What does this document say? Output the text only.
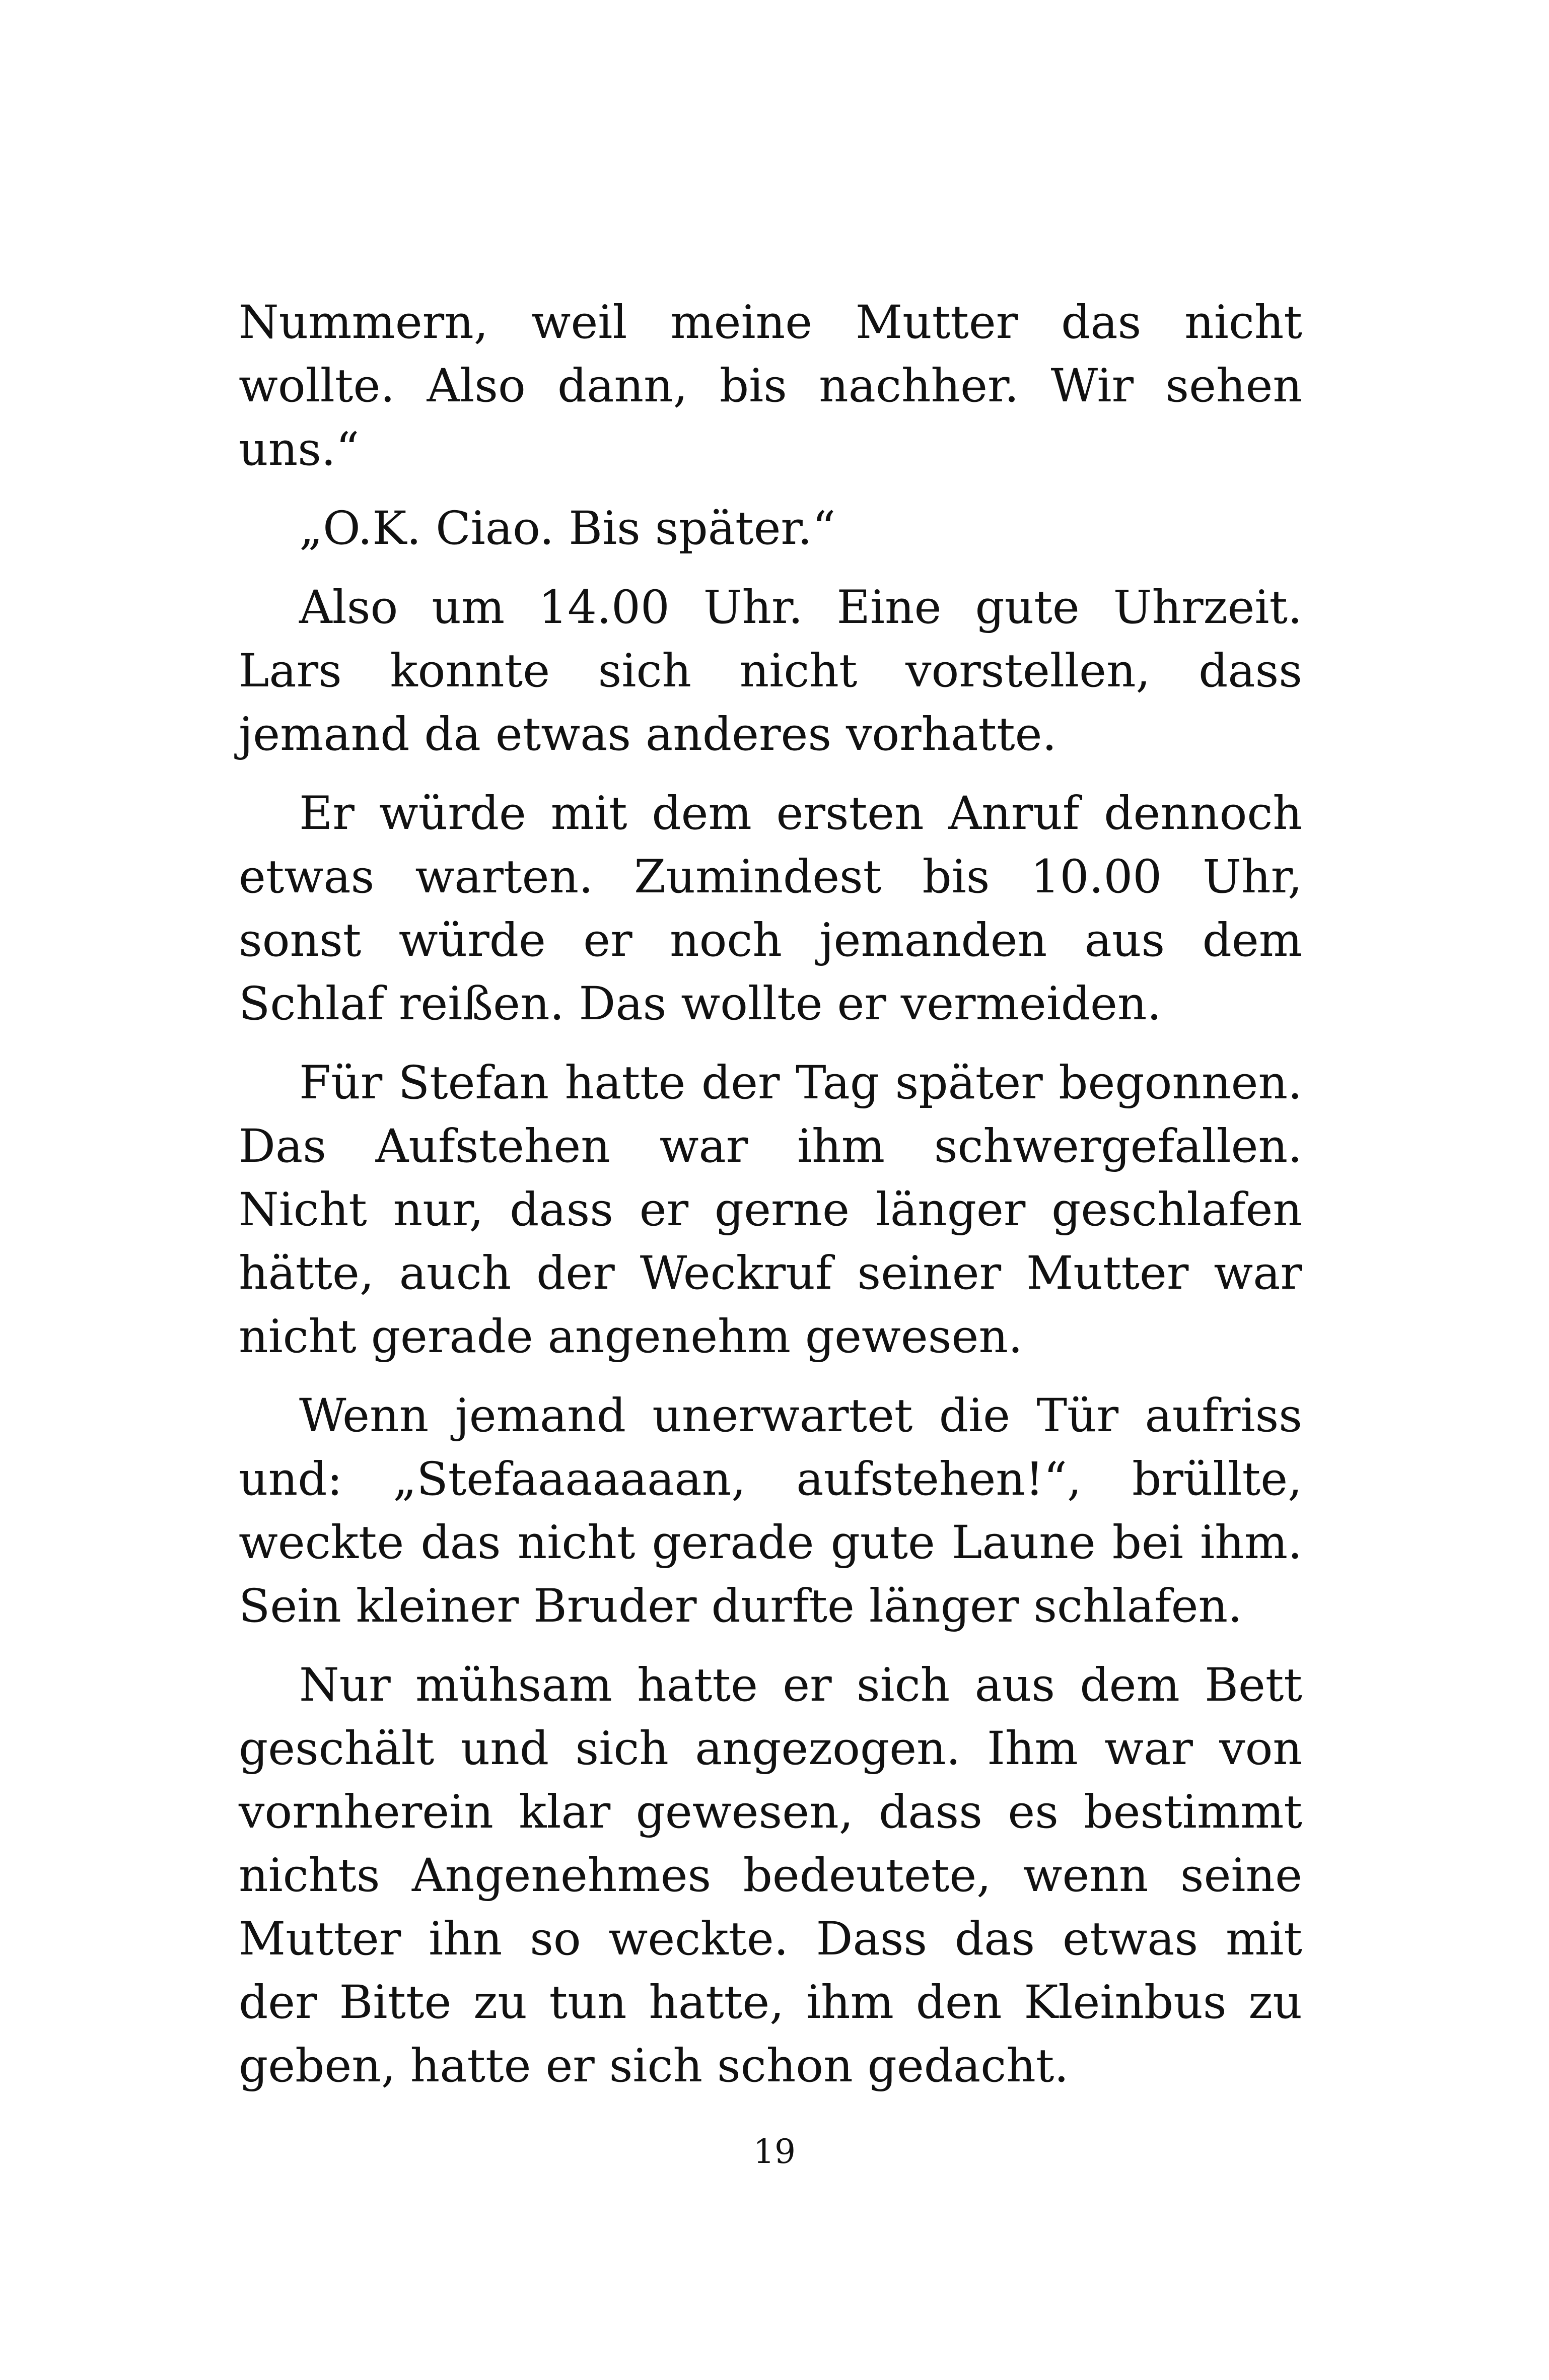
Nummern, weil meine Mutter das nicht wollte. Also dann, bis nachher. Wir sehen uns.“

„O.K. Ciao. Bis später.“

Also um 14.00 Uhr. Eine gute Uhrzeit. Lars konnte sich nicht vorstellen, dass jemand da etwas anderes vorhatte.

Er würde mit dem ersten Anruf dennoch etwas warten. Zumindest bis 10.00 Uhr, sonst würde er noch jemanden aus dem Schlaf reißen. Das wollte er vermeiden.

Für Stefan hatte der Tag später begonnen. Das Aufstehen war ihm schwergefallen. Nicht nur, dass er gerne länger geschlafen hätte, auch der Weckruf seiner Mutter war nicht gerade angenehm gewesen.

Wenn jemand unerwartet die Tür aufriss und: „Stefaaaaaaan, aufstehen!“, brüllte, weckte das nicht gerade gute Laune bei ihm. Sein kleiner Bruder durfte länger schlafen.

Nur mühsam hatte er sich aus dem Bett geschält und sich angezogen. Ihm war von vornherein klar gewesen, dass es bestimmt nichts Angenehmes bedeutete, wenn seine Mutter ihn so weckte. Dass das etwas mit der Bitte zu tun hatte, ihm den Kleinbus zu geben, hatte er sich schon gedacht.

19
